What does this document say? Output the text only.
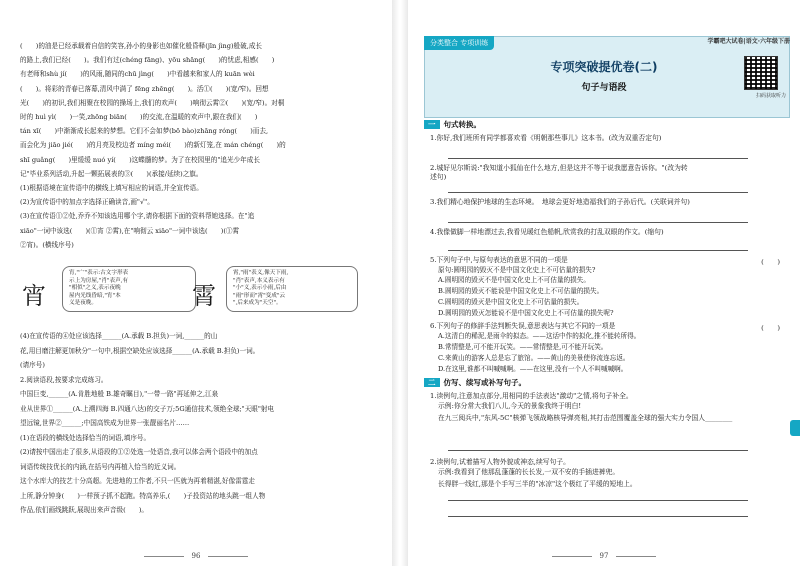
(　　)的油是已经承载着自信的笑容,孙小的身影也如催化般昏释(jīn jìng)般破,成长
的路上,我们已经(　　)。我们有过(chéng fāng)、yōu shāng(　　)的忧虑,相感(　　)
有老师和shù jí(　　)的风雨,随同的chū jìng(　　)中看越来和家人的 kuān wèi
(　　)。将彩的青春已落幕,清风中满了 fēng zhēng(　　)。活①(　　)(宽/窄)。回想
光(　　)的初识,我们相聚在校园的操场上,我们的欢声(　　)响彻云霄②(　　)(宽/窄)。对桐
时的 huì yì(　　)一笑,zhōng biān(　　)的交流,在温暖的欢声中,跟在我们(　　)
tán xī(　　)中渐渐成长起来的梦想。它们不会如梦(bō bào)zhāng róng(　　)而去,
而会化为 jiāo jié(　　)的月亮及校边者 míng méi(　　)的新灯笼,在 mán chéng(　　)的
shī guǎng(　　)里缓缓 nuó yí(　　)这蝶髓的梦。为了在校园里的"追光少年成长
记"毕业系列活动,升起一颗拓展表的③(　　)(承接/延续)之旗。
(1)根据语境在宣传语中的横线上填写相应的词语,并全宣传语。
(2)为宣传语中的加点字选择正确读音,画"√"。
(3)在宣传语①②处,乔乔不知该选用哪个字,请你根据下面的资料帮她选择。在"追
xiāo"一词中该选(　　)(①宵 ②霄),在"响彻云 xiāo"一词中该选(　　)(①霄
②宵)。(横线序号)
宵
宵,"宀"表示:古文字形表
示上为房屋,"肖"表声,有
"相似"之义,表示夜晚
屋内光线昏暗,"宵"本
义是夜晚。	霄
霄,"雨"表义,像天下雨,
"肖"表声,本义表示有
"小"义,表示小雨,后由
"雨"形而"霄"变成"云
",后来成为"天空"。
(4)在宣传语的④处应该选择______(A.承载 B.担负)一词,______的山
花,用目磨注解更加秋分"一句中,根据空缺处应该选择______(A.承载 B.担负)一词。
(请序号)
2.阅读语段,按要求完成练习。
中国巨变,______(A.肯胜地般 B.雄奇瞩目),"一带一路"再延伸之,江泉
业从世界①______(A.上溯四海 B.四通八达)的交子万;5G通信技术,领绝全球;"天眼"射电
望远镜,世界②______;中国高铁成为世界一张靓丽名片……
(1)在语段的横线处选择恰当的词语,填序号。
(2)请按中国出走了很多,从语段的①②处选一处语音,我可以体会两个语段中的加点
词语传统技优长的内涵,在括号内再植入恰当的近义词。
这个水库大的技艺十分高超。先进地的工作者,不只一匹就为再着精湛,好像雷霆走
上所,静分钟身(　　)一样预子抓不起跑。特高养乐,(　　)子投资站的地头跳一组人物
作品,依们画线跳跃,展现出来声音级(　　)。
96
分类整合 专项训练	学霸吧大试卷|语文·六年级下册
专项突破提优卷(二)
句子与语段
扫码获取听力
一 句式转换。

1.你好,我们班所有同学都喜欢看《明朝那些事儿》这本书。(改为双重否定句)

2.城好见尔斯说:"我知道小狐仙在什么地方,但是这并不等于说我愿意告诉你。"(改为转

述句)

3.我们精心地保护地球的生态环境。　地球会更好地造福我们的子孙后代。(关联词并句)

4.我像做脚一样地漂过去,我看见暖红色船帆,欣赏我的打乱双眼的作文。(缩句)

5.下列句子中,与原句表达的意思不同的一项是	(　　)
原句:圆明园的毁灭不是中国文化史上不可估量的损失?
A.圆明园的毁灭不是中国文化史上不可估量的损失。
B.圆明园的毁灭不能说是中国文化史上不可估量的损失。
C.圆明园的毁灭是中国文化史上不可估量的损失。
D.圆明园的毁灭怎能说不是中国文化史上不可估量的损失呢?

6.下列句子的修辞手法判断失误,意思表达与其它不同的一项是	(　　)
A.这清白的稀泥,是雨伞的拟态。——这话中作的拟化,推不能转所得。
B.常情整是,可不能开玩笑。——常情整是,可不能开玩笑。
C.来黄山的游客人总是忘了旅馆。——黄山的美景使你流连忘返。
D.在这里,谁都不叫喊喊啊。——在这里,没有一个人不叫喊喊啊。
二 仿写、续写或补写句子。

1.读例句,注意加点部分,用相同的手法表达"激动"之情,将句子补全。

示例:你分常大我们八儿,今天的景象我终于明白!

在九三阅兵中,"东风-5C"核弹飞领战略核导弹亮相,其打击范围覆盖全球的强大实力令国人________

2.读例句,试着描写人物外貌或神态,续写句子。

示例:我看到了他那乱蓬蓬的长长发,一双不安的手插进裤兜。

长得胖一线红,那是个手写三半的"冰凉"这个极红了平缓的短地上。

97
